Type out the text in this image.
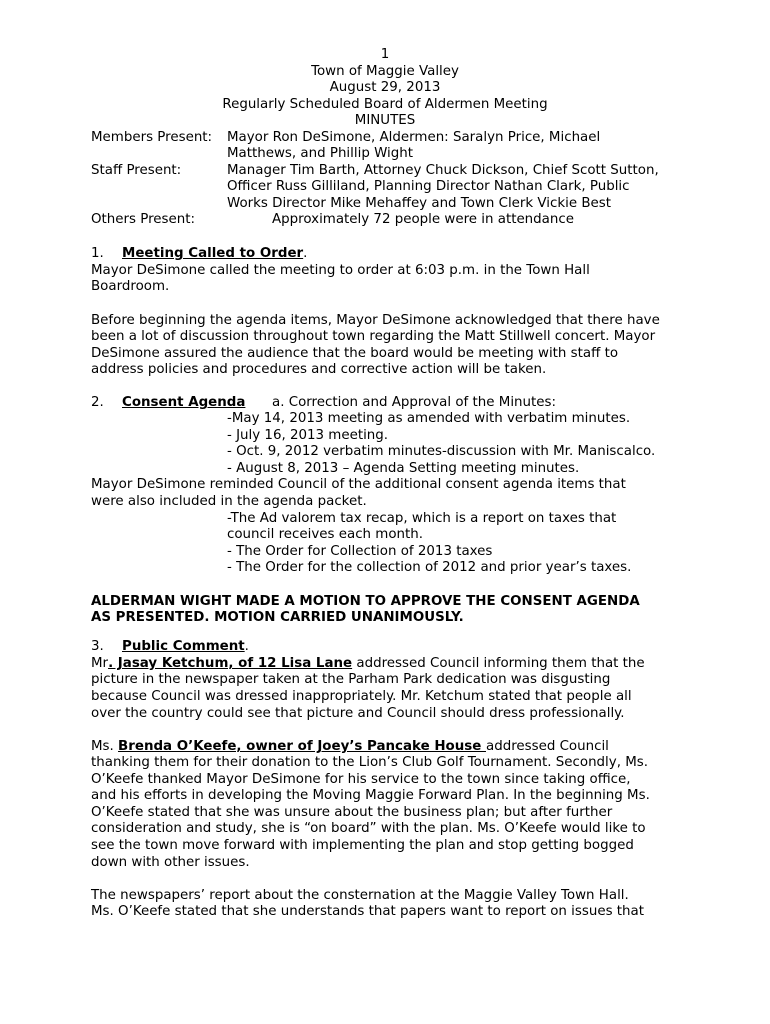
1
Town of Maggie Valley
August 29, 2013
Regularly Scheduled Board of Aldermen Meeting
MINUTES
Members Present: Mayor Ron DeSimone, Aldermen: Saralyn Price, Michael
Matthews, and Phillip Wight
Staff Present:	Manager Tim Barth, Attorney Chuck Dickson, Chief Scott Sutton,
Officer Russ Gilliland, Planning Director Nathan Clark, Public
Works Director Mike Mehaffey and Town Clerk Vickie Best
Others Present:	Approximately 72 people were in attendance
1. Meeting Called to Order.
Mayor DeSimone called the meeting to order at 6:03 p.m. in the Town Hall
Boardroom.
Before beginning the agenda items, Mayor DeSimone acknowledged that there have
been a lot of discussion throughout town regarding the Matt Stillwell concert. Mayor
DeSimone assured the audience that the board would be meeting with staff to
address policies and procedures and corrective action will be taken.
2. Consent Agenda a. Correction and Approval of the Minutes:
-May 14, 2013 meeting as amended with verbatim minutes.
- July 16, 2013 meeting.
- Oct. 9, 2012 verbatim minutes-discussion with Mr. Maniscalco.
- August 8, 2013 – Agenda Setting meeting minutes.
Mayor DeSimone reminded Council of the additional consent agenda items that
were also included in the agenda packet.
-The Ad valorem tax recap, which is a report on taxes that
council receives each month.
- The Order for Collection of 2013 taxes
- The Order for the collection of 2012 and prior year’s taxes.
ALDERMAN WIGHT MADE A MOTION TO APPROVE THE CONSENT AGENDA
AS PRESENTED. MOTION CARRIED UNANIMOUSLY.
3. Public Comment.
Mr. Jasay Ketchum, of 12 Lisa Lane addressed Council informing them that the
picture in the newspaper taken at the Parham Park dedication was disgusting
because Council was dressed inappropriately. Mr. Ketchum stated that people all
over the country could see that picture and Council should dress professionally.
Ms. Brenda O’Keefe, owner of Joey’s Pancake House addressed Council
thanking them for their donation to the Lion’s Club Golf Tournament. Secondly, Ms.
O’Keefe thanked Mayor DeSimone for his service to the town since taking office,
and his efforts in developing the Moving Maggie Forward Plan. In the beginning Ms.
O’Keefe stated that she was unsure about the business plan; but after further
consideration and study, she is “on board” with the plan. Ms. O’Keefe would like to
see the town move forward with implementing the plan and stop getting bogged
down with other issues.
The newspapers’ report about the consternation at the Maggie Valley Town Hall.
Ms. O’Keefe stated that she understands that papers want to report on issues that
